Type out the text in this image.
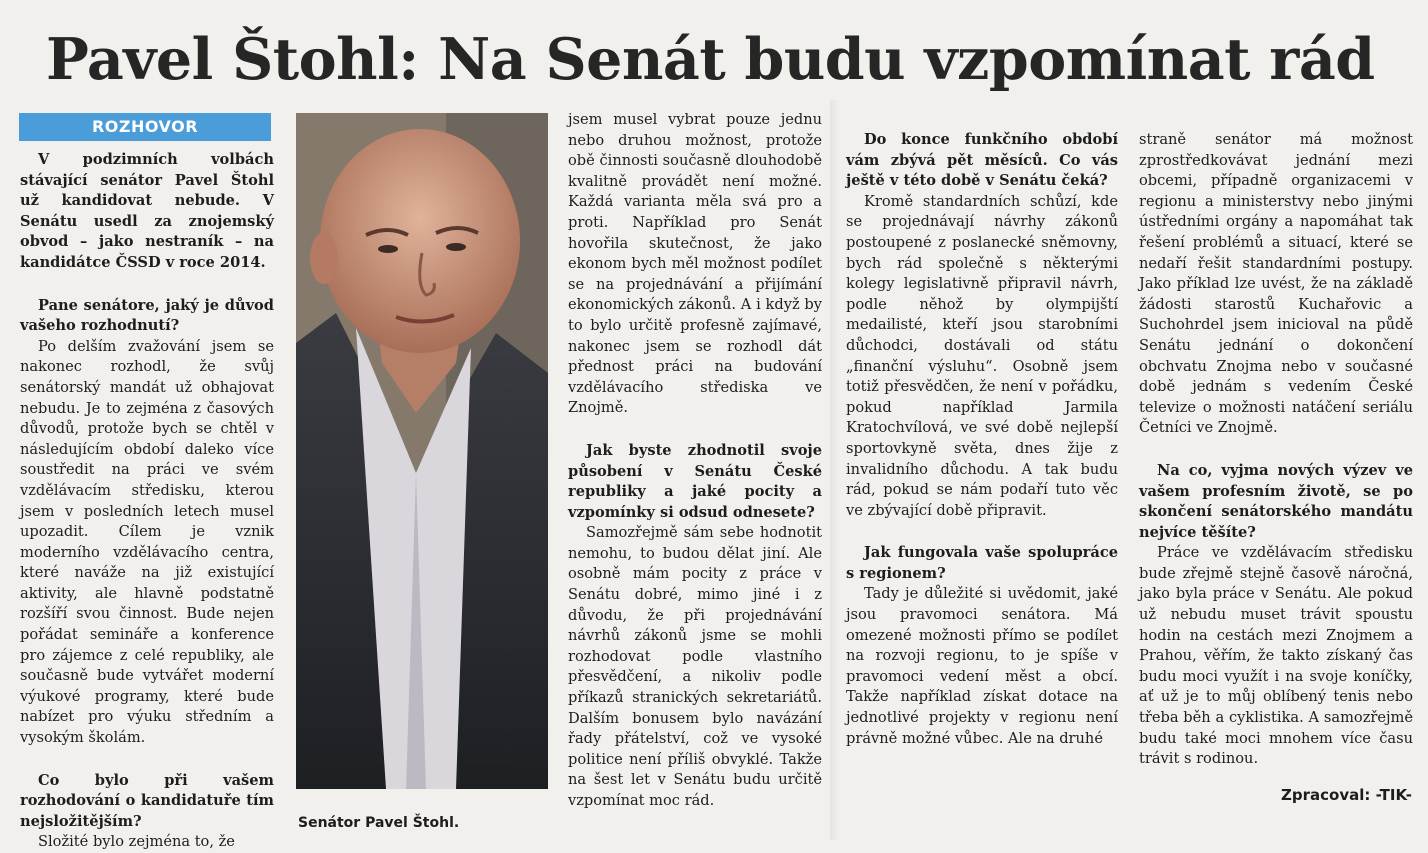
Pavel Štohl: Na Senát budu vzpomínat rád
ROZHOVOR

V podzimních volbách stávající senátor Pavel Štohl už kandidovat nebude. V Senátu usedl za znojemský obvod – jako nestraník – na kandidátce ČSSD v roce 2014.

Pane senátore, jaký je důvod vašeho rozhodnutí?

Po delším zvažování jsem se nakonec rozhodl, že svůj senátorský mandát už obhajovat nebudu. Je to zejména z časových důvodů, protože bych se chtěl v následujícím období daleko více soustředit na práci ve svém vzdělávacím středisku, kterou jsem v posledních letech musel upozadit. Cílem je vznik moderního vzdělávacího centra, které naváže na již existující aktivity, ale hlavně podstatně rozšíří svou činnost. Bude nejen pořádat semináře a konference pro zájemce z celé republiky, ale současně bude vytvářet moderní výukové programy, které bude nabízet pro výuku středním a vysokým školám.

Co bylo při vašem rozhodování o kandidatuře tím nejsložitějším?

Složité bylo zejména to, že

Senátor Pavel Štohl.

jsem musel vybrat pouze jednu nebo druhou možnost, protože obě činnosti současně dlouhodobě kvalitně provádět není možné. Každá varianta měla svá pro a proti. Například pro Senát hovořila skutečnost, že jako ekonom bych měl možnost podílet se na projednávání a přijímání ekonomických zákonů. A i když by to bylo určitě profesně zajímavé, nakonec jsem se rozhodl dát přednost práci na budování vzdělávacího střediska ve Znojmě.

Jak byste zhodnotil svoje působení v Senátu České republiky a jaké pocity a vzpomínky si odsud odnesete?

Samozřejmě sám sebe hodnotit nemohu, to budou dělat jiní. Ale osobně mám pocity z práce v Senátu dobré, mimo jiné i z důvodu, že při projednávání návrhů zákonů jsme se mohli rozhodovat podle vlastního přesvědčení, a nikoliv podle příkazů stranických sekretariátů. Dalším bonusem bylo navázání řady přátelství, což ve vysoké politice není příliš obvyklé. Takže na šest let v Senátu budu určitě vzpomínat moc rád.

Do konce funkčního období vám zbývá pět měsíců. Co vás ještě v této době v Senátu čeká?

Kromě standardních schůzí, kde se projednávají návrhy zákonů postoupené z poslanecké sněmovny, bych rád společně s některými kolegy legislativně připravil návrh, podle něhož by olympijští medailisté, kteří jsou starobními důchodci, dostávali od státu „finanční výsluhu“. Osobně jsem totiž přesvědčen, že není v pořádku, pokud například Jarmila Kratochvílová, ve své době nejlepší sportovkyně světa, dnes žije z invalidního důchodu. A tak budu rád, pokud se nám podaří tuto věc ve zbývající době připravit.

Jak fungovala vaše spolupráce s regionem?

Tady je důležité si uvědomit, jaké jsou pravomoci senátora. Má omezené možnosti přímo se podílet na rozvoji regionu, to je spíše v pravomoci vedení měst a obcí. Takže například získat dotace na jednotlivé projekty v regionu není právně možné vůbec. Ale na druhé

straně senátor má možnost zprostředkovávat jednání mezi obcemi, případně organizacemi v regionu a ministerstvy nebo jinými ústředními orgány a napomáhat tak řešení problémů a situací, které se nedaří řešit standardními postupy. Jako příklad lze uvést, že na základě žádosti starostů Kuchařovic a Suchohrdel jsem inicioval na půdě Senátu jednání o dokončení obchvatu Znojma nebo v současné době jednám s vedením České televize o možnosti natáčení seriálu Četníci ve Znojmě.

Na co, vyjma nových výzev ve vašem profesním životě, se po skončení senátorského mandátu nejvíce těšíte?

Práce ve vzdělávacím středisku bude zřejmě stejně časově náročná, jako byla práce v Senátu. Ale pokud už nebudu muset trávit spoustu hodin na cestách mezi Znojmem a Prahou, věřím, že takto získaný čas budu moci využít i na svoje koníčky, ať už je to můj oblíbený tenis nebo třeba běh a cyklistika. A samozřejmě budu také moci mnohem více času trávit s rodinou.

Zpracoval: -TIK-
